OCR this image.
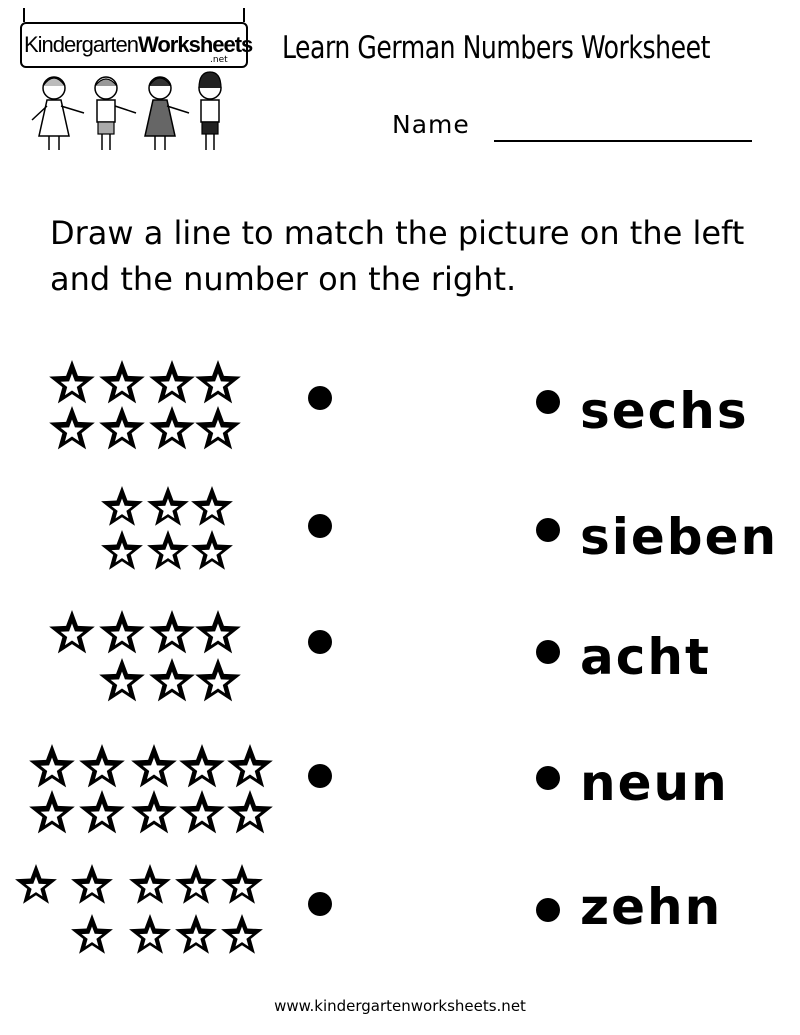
KindergartenWorksheets
.net Learn German Numbers Worksheet
Name
Draw a line to match the picture on the left and the number on the right.
sechs
sieben
acht
neun
zehn
www.kindergartenworksheets.net
